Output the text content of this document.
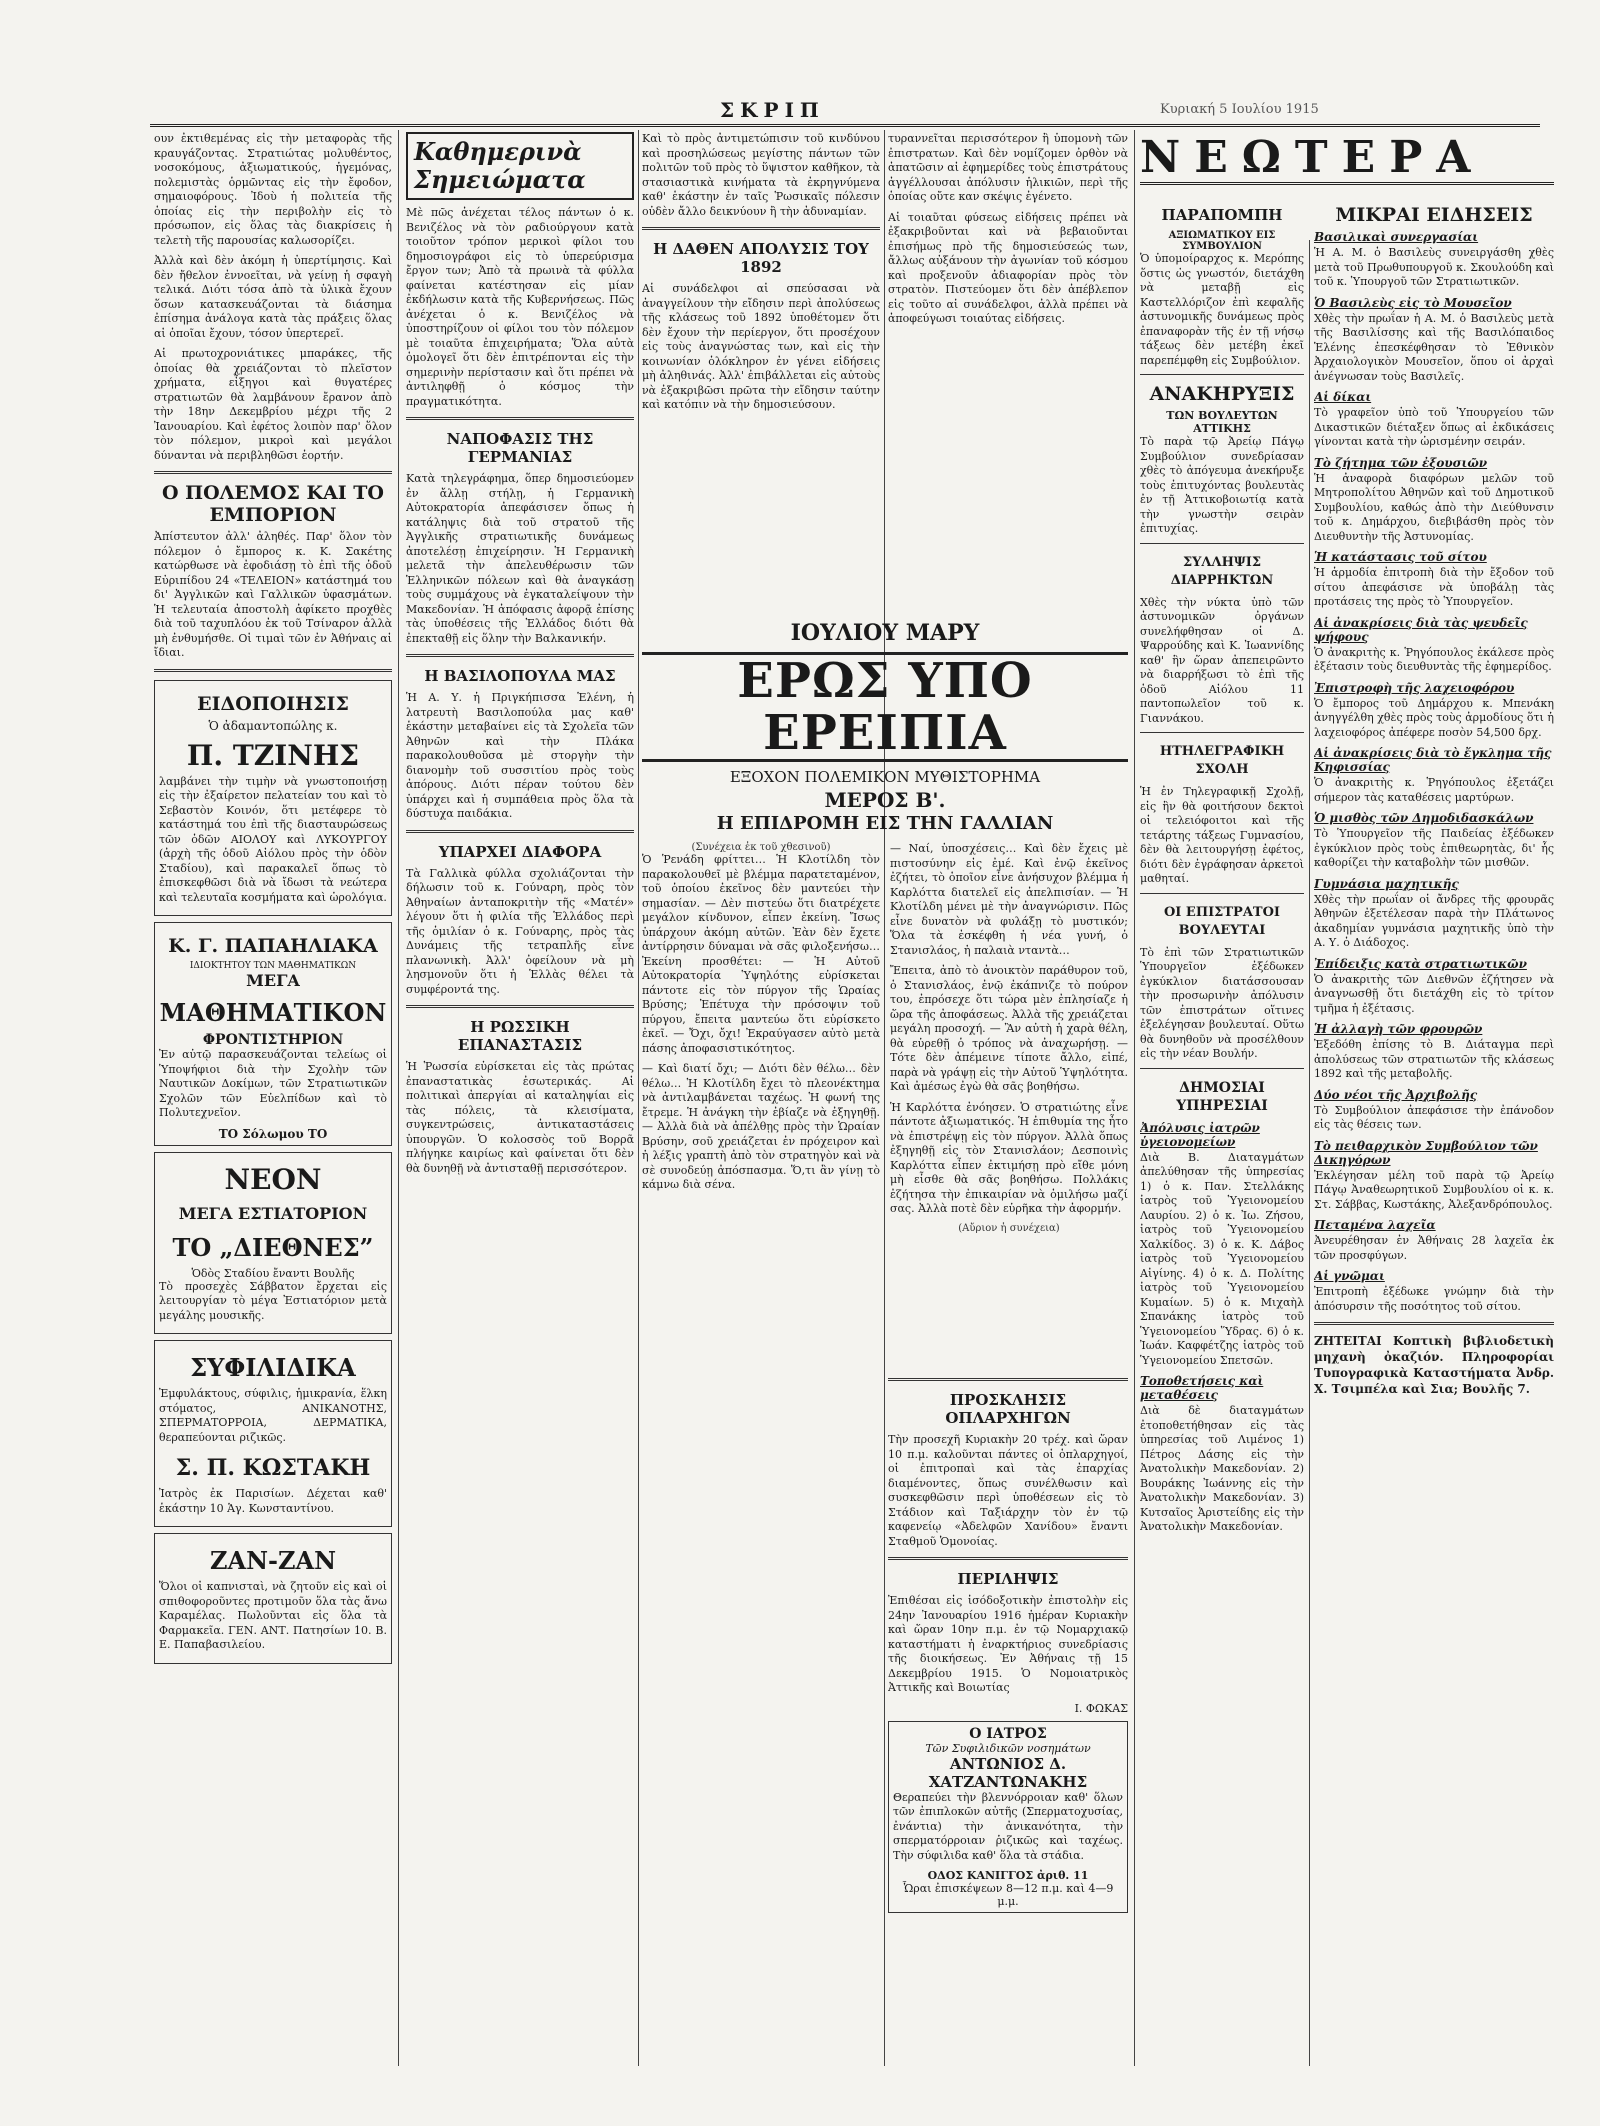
ΣΚΡΙΠ	Κυριακή 5 Ιουλίου 1915

ουν ἐκτιθεμένας εἰς τὴν μεταφορὰς τῆς κραυγάζοντας. Στρατιώτας μολυθέντος, νοσοκόμους, ἀξιωματικούς, ἡγεμόνας, πολεμιστὰς ὁρμῶντας εἰς τὴν ἔφοδον, σημαιοφόρους. Ἰδοὺ ἡ πολιτεία τῆς ὁποίας εἰς τὴν περιβολὴν εἰς τὸ πρόσωπον, εἰς ὅλας τὰς διακρίσεις ἡ τελετὴ τῆς παρουσίας καλωσορίζει.

Ἀλλὰ καὶ δὲν ἀκόμη ἡ ὑπερτίμησις. Καὶ δὲν ἤθελον ἐννοεῖται, νὰ γείνῃ ἡ σφαγὴ τελικά. Διότι τόσα ἀπὸ τὰ ὑλικὰ ἔχουν ὅσων κατασκευάζονται τὰ διάσημα ἐπίσημα ἀνάλογα κατὰ τὰς πράξεις ὅλας αἱ ὁποῖαι ἔχουν, τόσον ὑπερτερεῖ.

Αἱ πρωτοχρονιάτικες μπαράκες, τῆς ὁποίας θὰ χρειάζονται τὸ πλεῖστον χρήματα, εἶξηγοι καὶ θυγατέρες στρατιωτῶν θὰ λαμβάνουν ἔρανον ἀπὸ τὴν 18ην Δεκεμβρίου μέχρι τῆς 2 Ἰανουαρίου. Καὶ ἐφέτος λοιπὸν παρ' ὅλον τὸν πόλεμον, μικροὶ καὶ μεγάλοι δύνανται νὰ περιβληθῶσι ἑορτήν.

Ο ΠΟΛΕΜΟΣ ΚΑΙ ΤΟ ΕΜΠΟΡΙΟΝ

Ἀπίστευτον ἀλλ' ἀληθές. Παρ' ὅλον τὸν πόλεμον ὁ ἔμπορος κ. Κ. Σακέτης κατώρθωσε νὰ ἐφοδιάσῃ τὸ ἐπὶ τῆς ὁδοῦ Εὐριπίδου 24 «ΤΕΛΕΙΟΝ» κατάστημά του δι' Ἀγγλικῶν καὶ Γαλλικῶν ὑφασμάτων. Ἡ τελευταία ἀποστολὴ ἀφίκετο προχθὲς διὰ τοῦ ταχυπλόου ἐκ τοῦ Τσίναρον ἀλλὰ μὴ ἐνθυμήσθε. Οἱ τιμαὶ τῶν ἐν Ἀθήναις αἱ ἴδιαι.

ΕΙΔΟΠΟΙΗΣΙΣ
Ὁ ἀδαμαντοπώλης κ.
Π. ΤΖΙΝΗΣ

λαμβάνει τὴν τιμὴν νὰ γνωστοποιήσῃ εἰς τὴν ἐξαίρετον πελατείαν του καὶ τὸ Σεβαστὸν Κοινόν, ὅτι μετέφερε τὸ κατάστημά του ἐπὶ τῆς διασταυρώσεως τῶν ὁδῶν ΑΙΟΛΟΥ καὶ ΛΥΚΟΥΡΓΟΥ (ἀρχὴ τῆς ὁδοῦ Αἰόλου πρὸς τὴν ὁδὸν Σταδίου), καὶ παρακαλεῖ ὅπως τὸ ἐπισκεφθῶσι διὰ νὰ ἴδωσι τὰ νεώτερα καὶ τελευταῖα κοσμήματα καὶ ὡρολόγια.

Κ. Γ. ΠΑΠΑΗΛΙΑΚΑ
ΙΔΙΟΚΤΗΤΟΥ ΤΩΝ ΜΑΘΗΜΑΤΙΚΩΝ
ΜΕΓΑ
ΜΑΘΗΜΑΤΙΚΟΝ
ΦΡΟΝΤΙΣΤΗΡΙΟΝ

Ἐν αὐτῷ παρασκευάζονται τελείως οἱ Ὑποψήφιοι διὰ τὴν Σχολὴν τῶν Ναυτικῶν Δοκίμων, τῶν Στρατιωτικῶν Σχολῶν τῶν Εὐελπίδων καὶ τὸ Πολυτεχνεῖον.

ΤΟ Σόλωμου ΤΟ
ΝΕΟΝ
ΜΕΓΑ ΕΣΤΙΑΤΟΡΙΟΝ
ΤΟ „ΔΙΕΘΝΕΣ”
Ὁδὸς Σταδίου ἔναντι Βουλῆς

Τὸ προσεχὲς Σάββατον ἔρχεται εἰς λειτουργίαν τὸ μέγα Ἐστιατόριον μετὰ μεγάλης μουσικῆς.

ΣΥΦΙΛΙΔΙΚΑ

Ἐμφυλάκτους, σύφιλις, ἡμικρανία, ἕλκη στόματος, ΑΝΙΚΑΝΟΤΗΣ, ΣΠΕΡΜΑΤΟΡΡΟΙΑ, ΔΕΡΜΑΤΙΚΑ, θεραπεύονται ριζικῶς.

Σ. Π. ΚΩΣΤΑΚΗ

Ἰατρὸς ἐκ Παρισίων. Δέχεται καθ' ἑκάστην 10 Ἁγ. Κωνσταντίνου.

ΖΑΝ-ΖΑΝ

Ὅλοι οἱ καπνισταὶ, νὰ ζητοῦν εἰς καὶ οἱ σπιθοφοροῦντες προτιμοῦν ὅλα τὰς ἄνω Καραμέλας. Πωλοῦνται εἰς ὅλα τὰ Φαρμακεῖα. ΓΕΝ. ΑΝΤ. Πατησίων 10. Β. Ε. Παπαβασιλείου.

Καθημερινὰ Σημειώματα

Μὲ πῶς ἀνέχεται τέλος πάντων ὁ κ. Βενιζέλος νὰ τὸν ραδιούργουν κατὰ τοιοῦτον τρόπον μερικοὶ φίλοι του δημοσιογράφοι εἰς τὸ ὑπερεύρισμα ἔργον των; Ἀπὸ τὰ πρωινὰ τὰ φύλλα φαίνεται κατέστησαν εἰς μίαν ἐκδήλωσιν κατὰ τῆς Κυβερνήσεως. Πῶς ἀνέχεται ὁ κ. Βενιζέλος νὰ ὑποστηρίζουν οἱ φίλοι του τὸν πόλεμον μὲ τοιαῦτα ἐπιχειρήματα; Ὅλα αὐτὰ ὁμολογεῖ ὅτι δὲν ἐπιτρέπονται εἰς τὴν σημερινὴν περίστασιν καὶ ὅτι πρέπει νὰ ἀντιληφθῇ ὁ κόσμος τὴν πραγματικότητα.

ΝΑΠΟΦΑΣΙΣ ΤΗΣ ΓΕΡΜΑΝΙΑΣ

Κατὰ τηλεγράφημα, ὅπερ δημοσιεύομεν ἐν ἄλλῃ στήλῃ, ἡ Γερμανικὴ Αὐτοκρατορία ἀπεφάσισεν ὅπως ἡ κατάληψις διὰ τοῦ στρατοῦ τῆς Ἀγγλικῆς στρατιωτικῆς δυνάμεως ἀποτελέσῃ ἐπιχείρησιν. Ἡ Γερμανικὴ μελετᾶ τὴν ἀπελευθέρωσιν τῶν Ἑλληνικῶν πόλεων καὶ θὰ ἀναγκάσῃ τοὺς συμμάχους νὰ ἐγκαταλείψουν τὴν Μακεδονίαν. Ἡ ἀπόφασις ἀφορᾷ ἐπίσης τὰς ὑποθέσεις τῆς Ἑλλάδος διότι θὰ ἐπεκταθῇ εἰς ὅλην τὴν Βαλκανικήν.

Η ΒΑΣΙΛΟΠΟΥΛΑ ΜΑΣ

Ἡ Α. Υ. ἡ Πριγκήπισσα Ἑλένη, ἡ λατρευτὴ Βασιλοπούλα μας καθ' ἑκάστην μεταβαίνει εἰς τὰ Σχολεῖα τῶν Ἀθηνῶν καὶ τὴν Πλάκα παρακολουθοῦσα μὲ στοργὴν τὴν διανομὴν τοῦ συσσιτίου πρὸς τοὺς ἀπόρους. Διότι πέραν τούτου δὲν ὑπάρχει καὶ ἡ συμπάθεια πρὸς ὅλα τὰ δύστυχα παιδάκια.

ΥΠΑΡΧΕΙ ΔΙΑΦΟΡΑ

Τὰ Γαλλικὰ φύλλα σχολιάζονται τὴν δήλωσιν τοῦ κ. Γούναρη, πρὸς τὸν Ἀθηναίων ἀνταποκριτὴν τῆς «Ματέν» λέγουν ὅτι ἡ φιλία τῆς Ἑλλάδος περὶ τῆς ὁμιλίαν ὁ κ. Γούναρης, πρὸς τὰς Δυνάμεις τῆς τετραπλῆς εἶνε πλανωνικὴ. Ἀλλ' ὀφείλουν νὰ μὴ λησμονοῦν ὅτι ἡ Ἑλλὰς θέλει τὰ συμφέροντά της.

Η ΡΩΣΣΙΚΗ ΕΠΑΝΑΣΤΑΣΙΣ

Ἡ Ῥωσσία εὑρίσκεται εἰς τὰς πρώτας ἐπαναστατικὰς ἐσωτερικάς. Αἱ πολιτικαὶ ἀπεργίαι αἱ καταληψίαι εἰς τὰς πόλεις, τὰ κλεισίματα, συγκεντρώσεις, ἀντικαταστάσεις ὑπουργῶν. Ὁ κολοσσὸς τοῦ Βορρᾶ πλήγηκε καιρίως καὶ φαίνεται ὅτι δὲν θὰ δυνηθῇ νὰ ἀντισταθῇ περισσότερον.

Καὶ τὸ πρὸς ἀντιμετώπισιν τοῦ κινδύνου καὶ προσηλώσεως μεγίστης πάντων τῶν πολιτῶν τοῦ πρὸς τὸ ὕψιστον καθῆκον, τὰ στασιαστικὰ κινήματα τὰ ἐκρηγνύμενα καθ' ἑκάστην ἐν ταῖς Ῥωσικαῖς πόλεσιν οὐδὲν ἄλλο δεικνύουν ἢ τὴν ἀδυναμίαν.

Η ΔΑΘΕΝ ΑΠΟΛΥΣΙΣ ΤΟΥ 1892

Αἱ συνάδελφοι αἱ σπεύσασαι νὰ ἀναγγείλουν τὴν εἴδησιν περὶ ἀπολύσεως τῆς κλάσεως τοῦ 1892 ὑποθέτομεν ὅτι δὲν ἔχουν τὴν περίεργον, ὅτι προσέχουν εἰς τοὺς ἀναγνώστας των, καὶ εἰς τὴν κοινωνίαν ὁλόκληρον ἐν γένει εἰδήσεις μὴ ἀληθινάς. Ἀλλ' ἐπιβάλλεται εἰς αὐτοὺς νὰ ἐξακριβῶσι πρῶτα τὴν εἴδησιν ταύτην καὶ κατόπιν νὰ τὴν δημοσιεύσουν.

ΙΟΥΛΙΟΥ ΜΑΡΥ
ΕΡΩΣ ΥΠΟ ΕΡΕΙΠΙΑ
ΕΞΟΧΟΝ ΠΟΛΕΜΙΚΟΝ ΜΥΘΙΣΤΟΡΗΜΑ
ΜΕΡΟΣ Β'.
Η ΕΠΙΔΡΟΜΗ ΕΙΣ ΤΗΝ ΓΑΛΛΙΑΝ
(Συνέχεια ἐκ τοῦ χθεσινοῦ)

Ὁ Ῥενάδη φρίττει… Ἡ Κλοτίλδη τὸν παρακολουθεῖ μὲ βλέμμα παρατεταμένον, τοῦ ὁποίου ἐκεῖνος δὲν μαντεύει τὴν σημασίαν. — Δὲν πιστεύω ὅτι διατρέχετε μεγάλον κίνδυνον, εἶπεν ἐκείνη. Ἴσως ὑπάρχουν ἀκόμη αὐτῶν. Ἐὰν δὲν ἔχετε ἀντίρρησιν δύναμαι νὰ σᾶς φιλοξενήσω… Ἐκείνη προσθέτει: — Ἡ Αὐτοῦ Αὐτοκρατορία Ὑψηλότης εὑρίσκεται πάντοτε εἰς τὸν πύργον τῆς Ὡραίας Βρύσης; Ἐπέτυχα τὴν πρόσοψιν τοῦ πύργου, ἔπειτα μαντεύω ὅτι εὑρίσκετο ἐκεῖ. — Ὄχι, ὄχι! Ἐκραύγασεν αὐτὸ μετὰ πάσης ἀποφασιστικότητος.

— Καὶ διατί ὄχι; — Διότι δὲν θέλω… δὲν θέλω… Ἡ Κλοτίλδη ἔχει τὸ πλεονέκτημα νὰ ἀντιλαμβάνεται ταχέως. Ἡ φωνή της ἔτρεμε. Ἡ ἀνάγκη τὴν ἐβίαζε νὰ ἐξηγηθῇ. — Ἀλλὰ διὰ νὰ ἀπέλθῃς πρὸς τὴν Ὡραίαν Βρύσην, σοῦ χρειάζεται ἐν πρόχειρον καὶ ἡ λέξις γραπτὴ ἀπὸ τὸν στρατηγὸν καὶ νὰ σὲ συνοδεύῃ ἀπόσπασμα. Ὅ,τι ἂν γίνῃ τὸ κάμνω διὰ σένα.

— Ναί, ὑποσχέσεις… Καὶ δὲν ἔχεις μὲ πιστοσύνην εἰς ἐμέ. Καὶ ἐνῷ ἐκεῖνος ἐζήτει, τὸ ὁποῖον εἶνε ἀνήσυχον βλέμμα ἡ Καρλόττα διατελεῖ εἰς ἀπελπισίαν. — Ἡ Κλοτίλδη μένει μὲ τὴν ἀναγνώρισιν. Πῶς εἶνε δυνατὸν νὰ φυλάξῃ τὸ μυστικόν; Ὅλα τὰ ἐσκέφθη ἡ νέα γυνή, ὁ Στανισλάος, ἡ παλαιὰ νταντὰ…

Ἔπειτα, ἀπὸ τὸ ἀνοικτὸν παράθυρον τοῦ, ὁ Στανισλάος, ἐνῷ ἐκάπνιζε τὸ πούρον του, ἐπρόσεχε ὅτι τώρα μὲν ἐπλησίαζε ἡ ὥρα τῆς ἀποφάσεως. Ἀλλὰ τῆς χρειάζεται μεγάλη προσοχή. — Ἂν αὐτὴ ἡ χαρὰ θέλη, θὰ εὑρεθῇ ὁ τρόπος νὰ ἀναχωρήσῃ. — Τότε δὲν ἀπέμεινε τίποτε ἄλλο, εἰπέ, παρὰ νὰ γράψῃ εἰς τὴν Αὐτοῦ Ὑψηλότητα. Καὶ ἀμέσως ἐγὼ θὰ σᾶς βοηθήσω.

Ἡ Καρλόττα ἐνόησεν. Ὁ στρατιώτης εἶνε πάντοτε ἀξιωματικός. Ἡ ἐπιθυμία της ἦτο νὰ ἐπιστρέψῃ εἰς τὸν πύργον. Ἀλλὰ ὅπως ἐξηγηθῇ εἰς τὸν Στανισλάον; Δεσποινὶς Καρλόττα εἶπεν ἐκτιμήσῃ πρὸ εἴθε μόνη μὴ εἶσθε θὰ σᾶς βοηθήσω. Πολλάκις ἐζήτησα τὴν ἐπικαιρίαν νὰ ὁμιλήσω μαζί σας. Ἀλλὰ ποτὲ δὲν εὑρῆκα τὴν ἀφορμήν.

(Αὔριον ἡ συνέχεια)

τυραννεῖται περισσότερον ἢ ὑπομονὴ τῶν ἐπιστρατων. Καὶ δὲν νομίζομεν ὀρθὸν νὰ ἀπατῶσιν αἱ ἐφημερίδες τοὺς ἐπιστράτους ἀγγέλλουσαι ἀπόλυσιν ἡλικιῶν, περὶ τῆς ὁποίας οὔτε καν σκέψις ἐγένετο.

Αἱ τοιαῦται φύσεως εἰδήσεις πρέπει νὰ ἐξακριβοῦνται καὶ νὰ βεβαιοῦνται ἐπισήμως πρὸ τῆς δημοσιεύσεώς των, ἄλλως αὐξάνουν τὴν ἀγωνίαν τοῦ κόσμου καὶ προξενοῦν ἀδιαφορίαν πρὸς τὸν στρατὸν. Πιστεύομεν ὅτι δὲν ἀπέβλεπον εἰς τοῦτο αἱ συνάδελφοι, ἀλλὰ πρέπει νὰ ἀποφεύγωσι τοιαύτας εἰδήσεις.

ΠΡΟΣΚΛΗΣΙΣ ΟΠΛΑΡΧΗΓΩΝ

Τὴν προσεχῆ Κυριακὴν 20 τρέχ. καὶ ὥραν 10 π.μ. καλοῦνται πάντες οἱ ὁπλαρχηγοί, οἱ ἐπιτροπαὶ καὶ τὰς ἐπαρχίας διαμένοντες, ὅπως συνέλθωσιν καὶ συσκεφθῶσιν περὶ ὑποθέσεων εἰς τὸ Στάδιον καὶ Ταξιάρχην τὸν ἐν τῷ καφενείῳ «Ἀδελφῶν Χανίδου» ἔναντι Σταθμοῦ Ὁμονοίας.

ΠΕΡΙΛΗΨΙΣ

Ἐπιθέσαι εἰς ἰσόδοξοτικὴν ἐπιστολὴν εἰς 24ην Ἰανουαρίου 1916 ἡμέραν Κυριακὴν καὶ ὥραν 10ην π.μ. ἐν τῷ Νομαρχιακῷ καταστήματι ἡ ἐναρκτήριος συνεδρίασις τῆς διοικήσεως. Ἐν Ἀθήναις τῇ 15 Δεκεμβρίου 1915. Ὁ Νομοιατρικὸς Ἀττικῆς καὶ Βοιωτίας

Ι. ΦΩΚΑΣ
Ο ΙΑΤΡΟΣ
Τῶν Συφιλιδικῶν νοσημάτων
ΑΝΤΩΝΙΟΣ Δ. ΧΑΤΖΑΝΤΩΝΑΚΗΣ

Θεραπεύει τὴν βλεννόρροιαν καθ' ὅλων τῶν ἐπιπλοκῶν αὐτῆς (Σπερματοχυσίας, ἐνάντια) τὴν ἀνικανότητα, τὴν σπερματόρροιαν ῥιζικῶς καὶ ταχέως. Τὴν σύφιλιδα καθ' ὅλα τὰ στάδια.

ΟΔΟΣ ΚΑΝΙΓΓΟΣ ἀριθ. 11
Ὧραι ἐπισκέψεων 8—12 π.μ. καὶ 4—9 μ.μ.
ΝΕΩΤΕΡΑ
ΠΑΡΑΠΟΜΠΗ
ΑΞΙΩΜΑΤΙΚΟΥ ΕΙΣ ΣΥΜΒΟΥΛΙΟΝ

Ὁ ὑπομοίραρχος κ. Μερόπης ὅστις ὡς γνωστόν, διετάχθη νὰ μεταβῇ εἰς Καστελλόριζον ἐπὶ κεφαλῆς ἀστυνομικῆς δυνάμεως πρὸς ἐπαναφορὰν τῆς ἐν τῇ νήσῳ τάξεως δὲν μετέβη ἐκεῖ παρεπέμφθη εἰς Συμβούλιον.

ΑΝΑΚΗΡΥΞΙΣ
ΤΩΝ ΒΟΥΛΕΥΤΩΝ ΑΤΤΙΚΗΣ

Τὸ παρὰ τῷ Ἀρείῳ Πάγῳ Συμβούλιον συνεδρίασαν χθὲς τὸ ἀπόγευμα ἀνεκήρυξε τοὺς ἐπιτυχόντας βουλευτὰς ἐν τῇ Ἀττικοβοιωτίᾳ κατὰ τὴν γνωστὴν σειρὰν ἐπιτυχίας.

ΣΥΛΛΗΨΙΣ ΔΙΑΡΡΗΚΤΩΝ

Χθὲς τὴν νύκτα ὑπὸ τῶν ἀστυνομικῶν ὀργάνων συνελήφθησαν οἱ Δ. Ψαρρούδης καὶ Κ. Ἰωαννίδης καθ' ἣν ὥραν ἀπεπειρῶντο νὰ διαρρήξωσι τὸ ἐπὶ τῆς ὁδοῦ Αἰόλου 11 παντοπωλεῖον τοῦ κ. Γιαννάκου.

ΗΤΗΛΕΓΡΑΦΙΚΗ ΣΧΟΛΗ

Ἡ ἐν Τηλεγραφικῇ Σχολῇ, εἰς ἣν θὰ φοιτήσουν δεκτοὶ οἱ τελειόφοιτοι καὶ τῆς τετάρτης τάξεως Γυμνασίου, δὲν θὰ λειτουργήσῃ ἐφέτος, διότι δὲν ἐγράφησαν ἀρκετοὶ μαθηταί.

ΟΙ ΕΠΙΣΤΡΑΤΟΙ ΒΟΥΛΕΥΤΑΙ

Τὸ ἐπὶ τῶν Στρατιωτικῶν Ὑπουργεῖον ἐξέδωκεν ἐγκύκλιον διατάσσουσαν τὴν προσωρινὴν ἀπόλυσιν τῶν ἐπιστράτων οἵτινες ἐξελέγησαν βουλευταί. Οὕτω θὰ δυνηθοῦν νὰ προσέλθουν εἰς τὴν νέαν Βουλήν.

ΔΗΜΟΣΙΑΙ ΥΠΗΡΕΣΙΑΙ
Ἀπόλυσις ἰατρῶν ὑγειονομείων

Διὰ Β. Διαταγμάτων ἀπελύθησαν τῆς ὑπηρεσίας 1) ὁ κ. Παν. Στελλάκης ἰατρὸς τοῦ Ὑγειονομείου Λαυρίου. 2) ὁ κ. Ἰω. Ζήσου, ἰατρὸς τοῦ Ὑγειονομείου Χαλκίδος. 3) ὁ κ. Κ. Δάβος ἰατρὸς τοῦ Ὑγειονομείου Αἰγίνης. 4) ὁ κ. Δ. Πολίτης ἰατρὸς τοῦ Ὑγειονομείου Κυμαίων. 5) ὁ κ. Μιχαὴλ Σπανάκης ἰατρὸς τοῦ Ὑγειονομείου Ὕδρας. 6) ὁ κ. Ἰωάν. Καφφέτζης ἰατρὸς τοῦ Ὑγειονομείου Σπετσῶν.

Τοποθετήσεις καὶ μεταθέσεις

Διὰ δὲ διαταγμάτων ἐτοποθετήθησαν εἰς τὰς ὑπηρεσίας τοῦ Λιμένος 1) Πέτρος Δάσης εἰς τὴν Ἀνατολικὴν Μακεδονίαν. 2) Βουράκης Ἰωάννης εἰς τὴν Ἀνατολικὴν Μακεδονίαν. 3) Κυτσαῖος Ἀριστείδης εἰς τὴν Ἀνατολικὴν Μακεδονίαν.

ΜΙΚΡΑΙ ΕΙΔΗΣΕΙΣ
Βασιλικαὶ συνεργασίαι

Ἡ Α. Μ. ὁ Βασιλεὺς συνειργάσθη χθὲς μετὰ τοῦ Πρωθυπουργοῦ κ. Σκουλούδη καὶ τοῦ κ. Ὑπουργοῦ τῶν Στρατιωτικῶν.

Ὁ Βασιλεὺς εἰς τὸ Μουσεῖον

Χθὲς τὴν πρωΐαν ἡ Α. Μ. ὁ Βασιλεὺς μετὰ τῆς Βασιλίσσης καὶ τῆς Βασιλόπαιδος Ἑλένης ἐπεσκέφθησαν τὸ Ἐθνικὸν Ἀρχαιολογικὸν Μουσεῖον, ὅπου οἱ ἀρχαὶ ἀνέγνωσαν τοὺς Βασιλεῖς.

Αἱ δίκαι

Τὸ γραφεῖον ὑπὸ τοῦ Ὑπουργείου τῶν Δικαστικῶν διέταξεν ὅπως αἱ ἐκδικάσεις γίνονται κατὰ τὴν ὡρισμένην σειράν.

Τὸ ζήτημα τῶν ἐξουσιῶν

Ἡ ἀναφορὰ διαφόρων μελῶν τοῦ Μητροπολίτου Ἀθηνῶν καὶ τοῦ Δημοτικοῦ Συμβουλίου, καθώς ἀπὸ τὴν Διεύθυνσιν τοῦ κ. Δημάρχου, διεβιβάσθη πρὸς τὸν Διευθυντὴν τῆς Ἀστυνομίας.

Ἡ κατάστασις τοῦ σίτου

Ἡ ἁρμοδία ἐπιτροπὴ διὰ τὴν ἔξοδον τοῦ σίτου ἀπεφάσισε νὰ ὑποβάλῃ τὰς προτάσεις της πρὸς τὸ Ὑπουργεῖον.

Αἱ ἀνακρίσεις διὰ τὰς ψευδεῖς ψήφους

Ὁ ἀνακριτὴς κ. Ῥηγόπουλος ἐκάλεσε πρὸς ἐξέτασιν τοὺς διευθυντὰς τῆς ἐφημερίδος.

Ἐπιστροφὴ τῆς λαχειοφόρου

Ὁ ἔμπορος τοῦ Δημάρχου κ. Μπενάκη ἀνηγγέλθη χθὲς πρὸς τοὺς ἀρμοδίους ὅτι ἡ λαχειοφόρος ἀπέφερε ποσὸν 54,500 δρχ.

Αἱ ἀνακρίσεις διὰ τὸ ἔγκλημα τῆς Κηφισσίας

Ὁ ἀνακριτὴς κ. Ῥηγόπουλος ἐξετάζει σήμερον τὰς καταθέσεις μαρτύρων.

Ὁ μισθὸς τῶν Δημοδιδασκάλων

Τὸ Ὑπουργεῖον τῆς Παιδείας ἐξέδωκεν ἐγκύκλιον πρὸς τοὺς ἐπιθεωρητὰς, δι' ἧς καθορίζει τὴν καταβολὴν τῶν μισθῶν.

Γυμνάσια μαχητικῆς

Χθὲς τὴν πρωΐαν οἱ ἄνδρες τῆς φρουρᾶς Ἀθηνῶν ἐξετέλεσαν παρὰ τὴν Πλάτωνος ἀκαδημίαν γυμνάσια μαχητικῆς ὑπὸ τὴν Α. Υ. ὁ Διάδοχος.

Ἐπίδειξις κατὰ στρατιωτικῶν

Ὁ ἀνακριτὴς τῶν Διεθνῶν ἐζήτησεν νὰ ἀναγνωσθῇ ὅτι διετάχθη εἰς τὸ τρίτον τμῆμα ἡ ἐξέτασις.

Ἡ ἀλλαγὴ τῶν φρουρῶν

Ἐξεδόθη ἐπίσης τὸ Β. Διάταγμα περὶ ἀπολύσεως τῶν στρατιωτῶν τῆς κλάσεως 1892 καὶ τῆς μεταβολῆς.

Δύο νέοι τῆς Ἀρχιβολῆς

Τὸ Συμβούλιον ἀπεφάσισε τὴν ἐπάνοδον εἰς τὰς θέσεις των.

Τὸ πειθαρχικὸν Συμβούλιον τῶν Δικηγόρων

Ἐκλέγησαν μέλη τοῦ παρὰ τῷ Ἀρείῳ Πάγῳ Ἀναθεωρητικοῦ Συμβουλίου οἱ κ. κ. Στ. Σάββας, Κωστάκης, Ἀλεξανδρόπουλος.

Πεταμένα λαχεῖα

Ἀνευρέθησαν ἐν Ἀθήναις 28 λαχεῖα ἐκ τῶν προσφύγων.

Αἱ γνῶμαι

Ἐπιτροπὴ ἐξέδωκε γνώμην διὰ τὴν ἀπόσυρσιν τῆς ποσότητος τοῦ σίτου.

ΖΗΤΕΙΤΑΙ Κοπτικὴ βιβλιοδετικὴ μηχανὴ ὀκαζιόν. Πληροφορίαι Τυπογραφικὰ Καταστήματα Ἀνδρ. Χ. Τσιμπέλα καὶ Σια; Βουλῆς 7.
